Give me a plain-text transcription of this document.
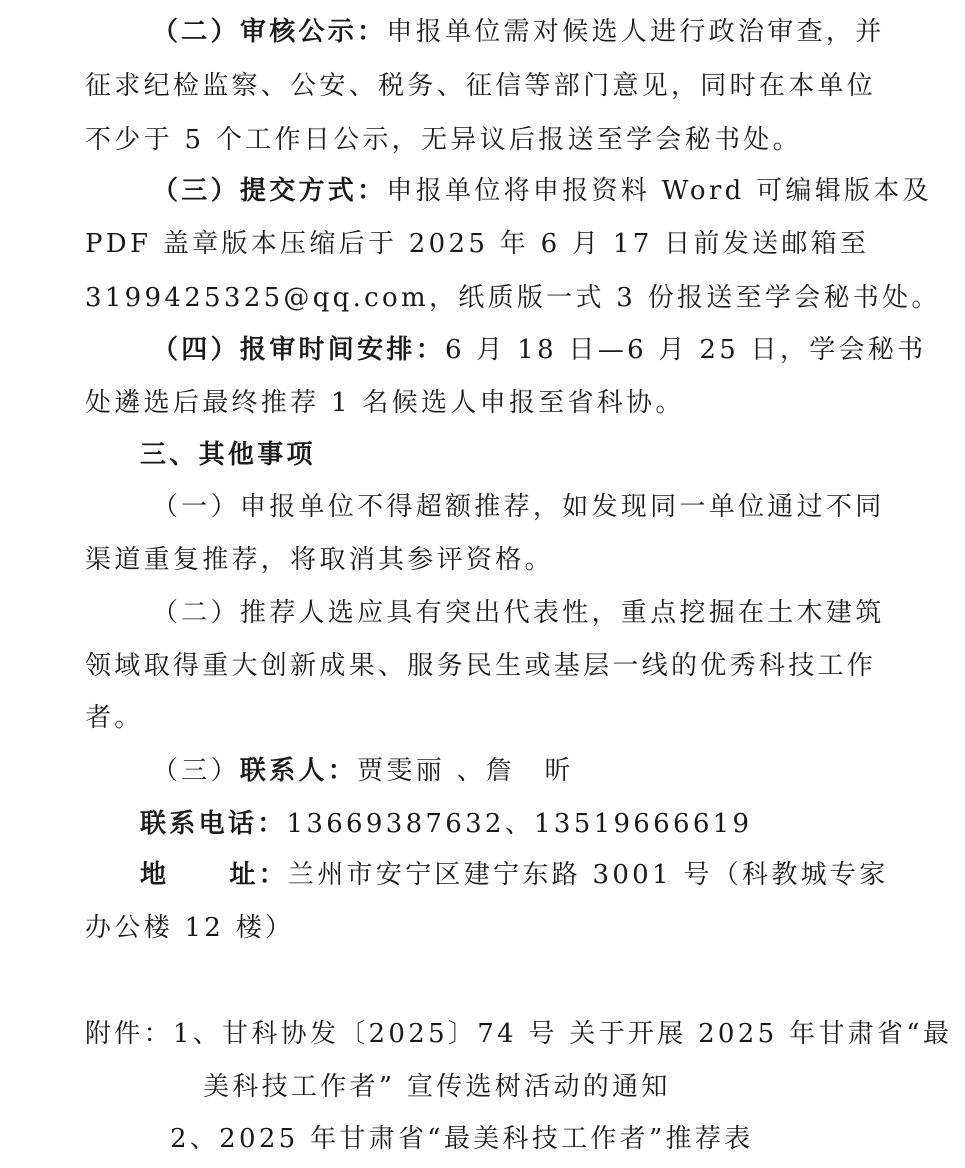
（二）审核公示：申报单位需对候选人进行政治审查，并
征求纪检监察、公安、税务、征信等部门意见，同时在本单位
不少于 5 个工作日公示，无异议后报送至学会秘书处。
（三）提交方式：申报单位将申报资料 Word 可编辑版本及
PDF 盖章版本压缩后于 2025 年 6 月 17 日前发送邮箱至
3199425325@qq.com，纸质版一式 3 份报送至学会秘书处。
（四）报审时间安排：6 月 18 日—6 月 25 日，学会秘书
处遴选后最终推荐 1 名候选人申报至省科协。
三、其他事项
（一）申报单位不得超额推荐，如发现同一单位通过不同
渠道重复推荐，将取消其参评资格。
（二）推荐人选应具有突出代表性，重点挖掘在土木建筑
领域取得重大创新成果、服务民生或基层一线的优秀科技工作
者。
（三）联系人：贾雯丽 、詹　昕
联系电话：13669387632、13519666619
地 址：兰州市安宁区建宁东路 3001 号（科教城专家
办公楼 12 楼）
附件：1、甘科协发〔2025〕74 号 关于开展 2025 年甘肃省“最
美科技工作者” 宣传选树活动的通知
2、2025 年甘肃省“最美科技工作者”推荐表
